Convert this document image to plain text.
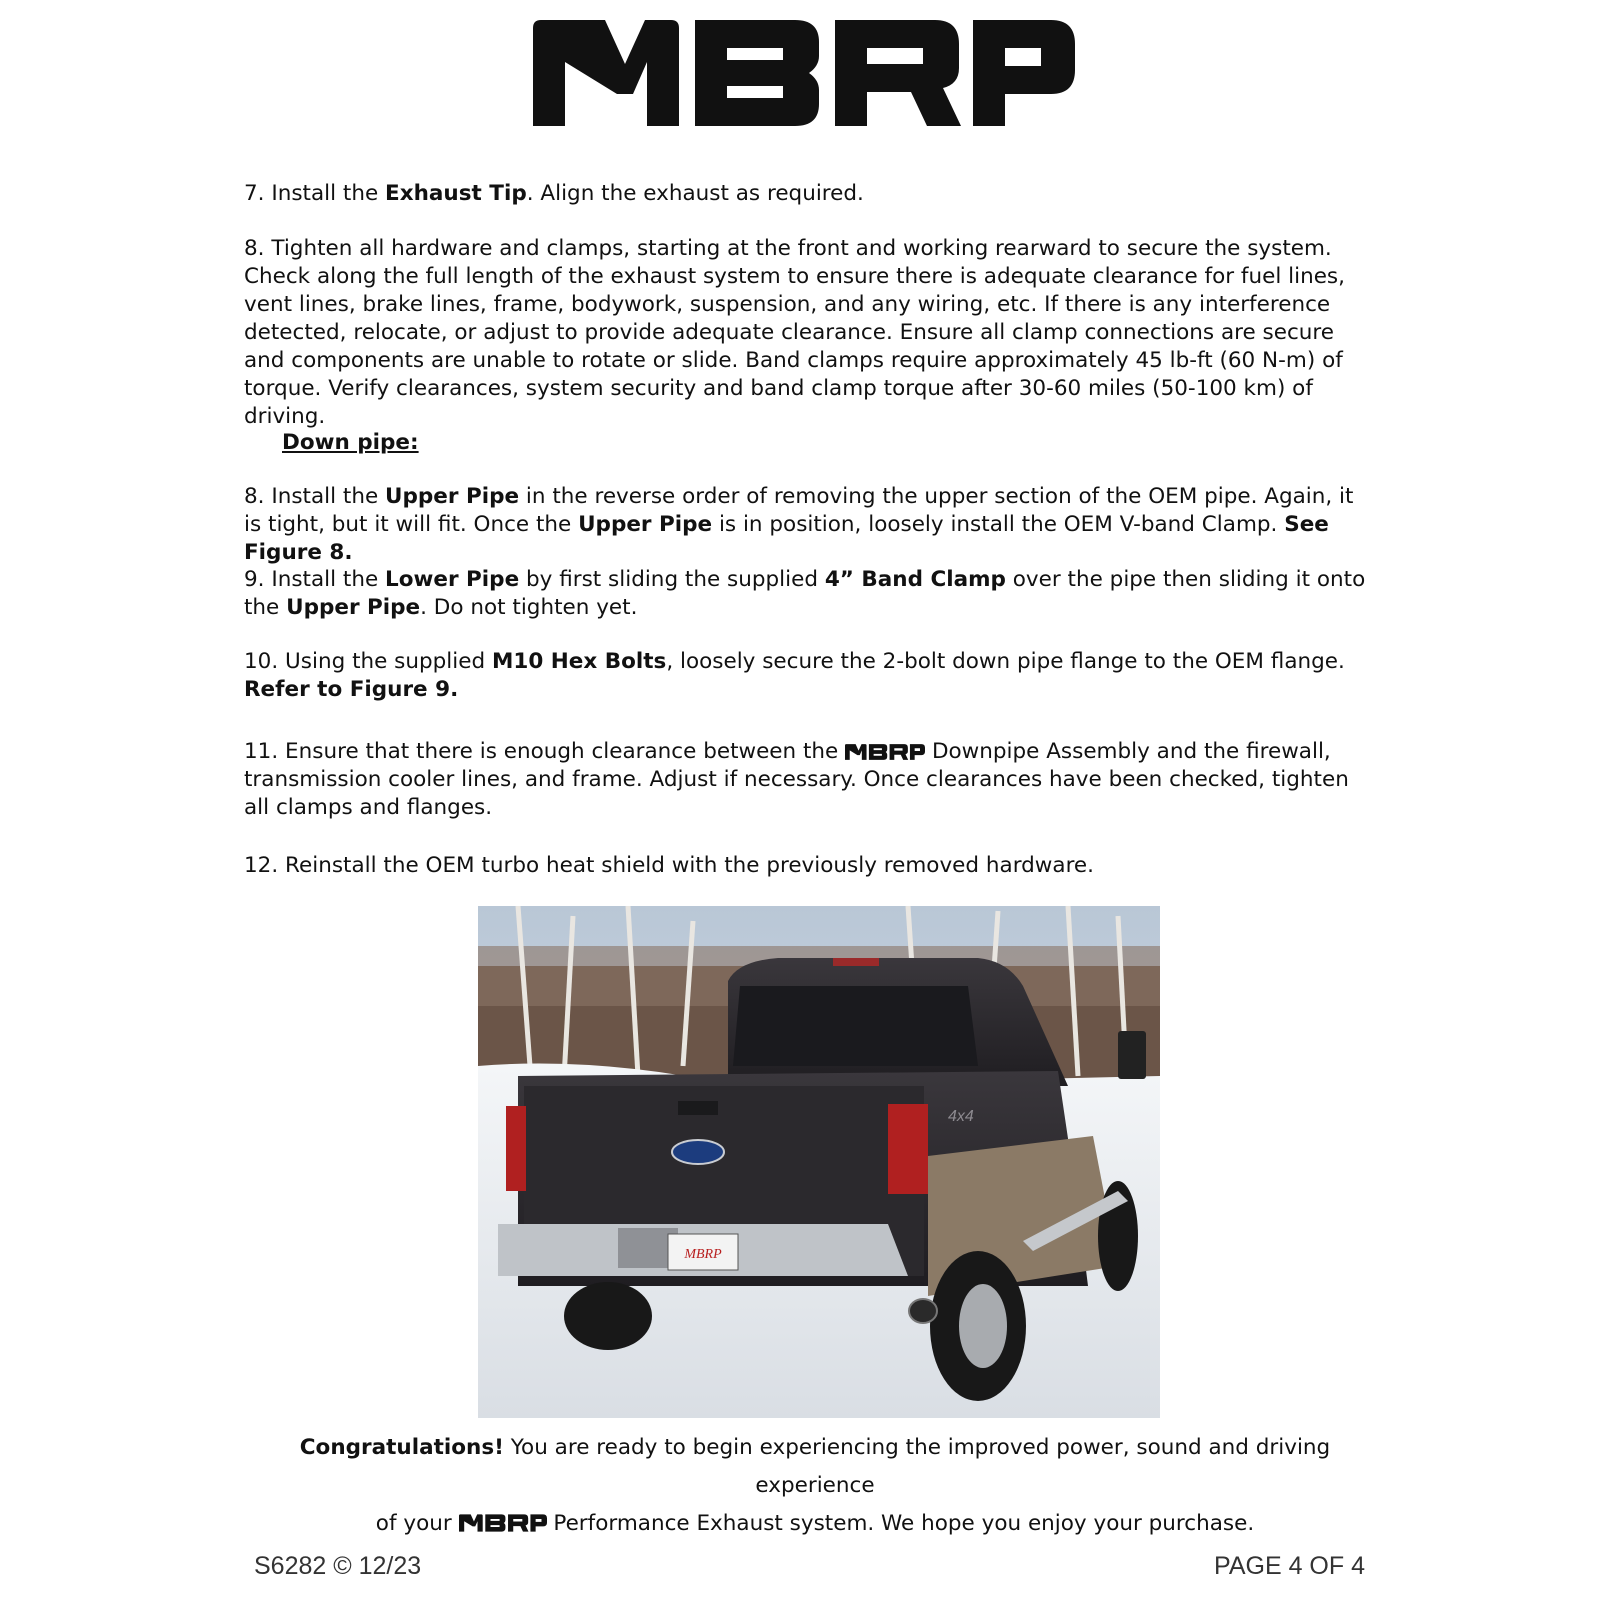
7. Install the Exhaust Tip. Align the exhaust as required.
8. Tighten all hardware and clamps, starting at the front and working rearward to secure the system. Check along the full length of the exhaust system to ensure there is adequate clearance for fuel lines, vent lines, brake lines, frame, bodywork, suspension, and any wiring, etc. If there is any interference detected, relocate, or adjust to provide adequate clearance. Ensure all clamp connections are secure and components are unable to rotate or slide. Band clamps require approximately 45 lb-ft (60 N-m) of torque. Verify clearances, system security and band clamp torque after 30-60 miles (50-100 km) of driving.
Down pipe:
8. Install the Upper Pipe in the reverse order of removing the upper section of the OEM pipe. Again, it is tight, but it will fit. Once the Upper Pipe is in position, loosely install the OEM V-band Clamp. See Figure 8.
9. Install the Lower Pipe by first sliding the supplied 4” Band Clamp over the pipe then sliding it onto the Upper Pipe. Do not tighten yet.
10. Using the supplied M10 Hex Bolts, loosely secure the 2-bolt down pipe flange to the OEM flange.
Refer to Figure 9.
11. Ensure that there is enough clearance between the	Downpipe Assembly and the firewall, transmission cooler lines, and frame. Adjust if necessary. Once clearances have been checked, tighten all clamps and flanges.
12. Reinstall the OEM turbo heat shield with the previously removed hardware.
MBRP
4x4
Congratulations! You are ready to begin experiencing the improved power, sound and driving experience
of your	Performance Exhaust system. We hope you enjoy your purchase.
S6282 © 12/23	PAGE 4 OF 4
